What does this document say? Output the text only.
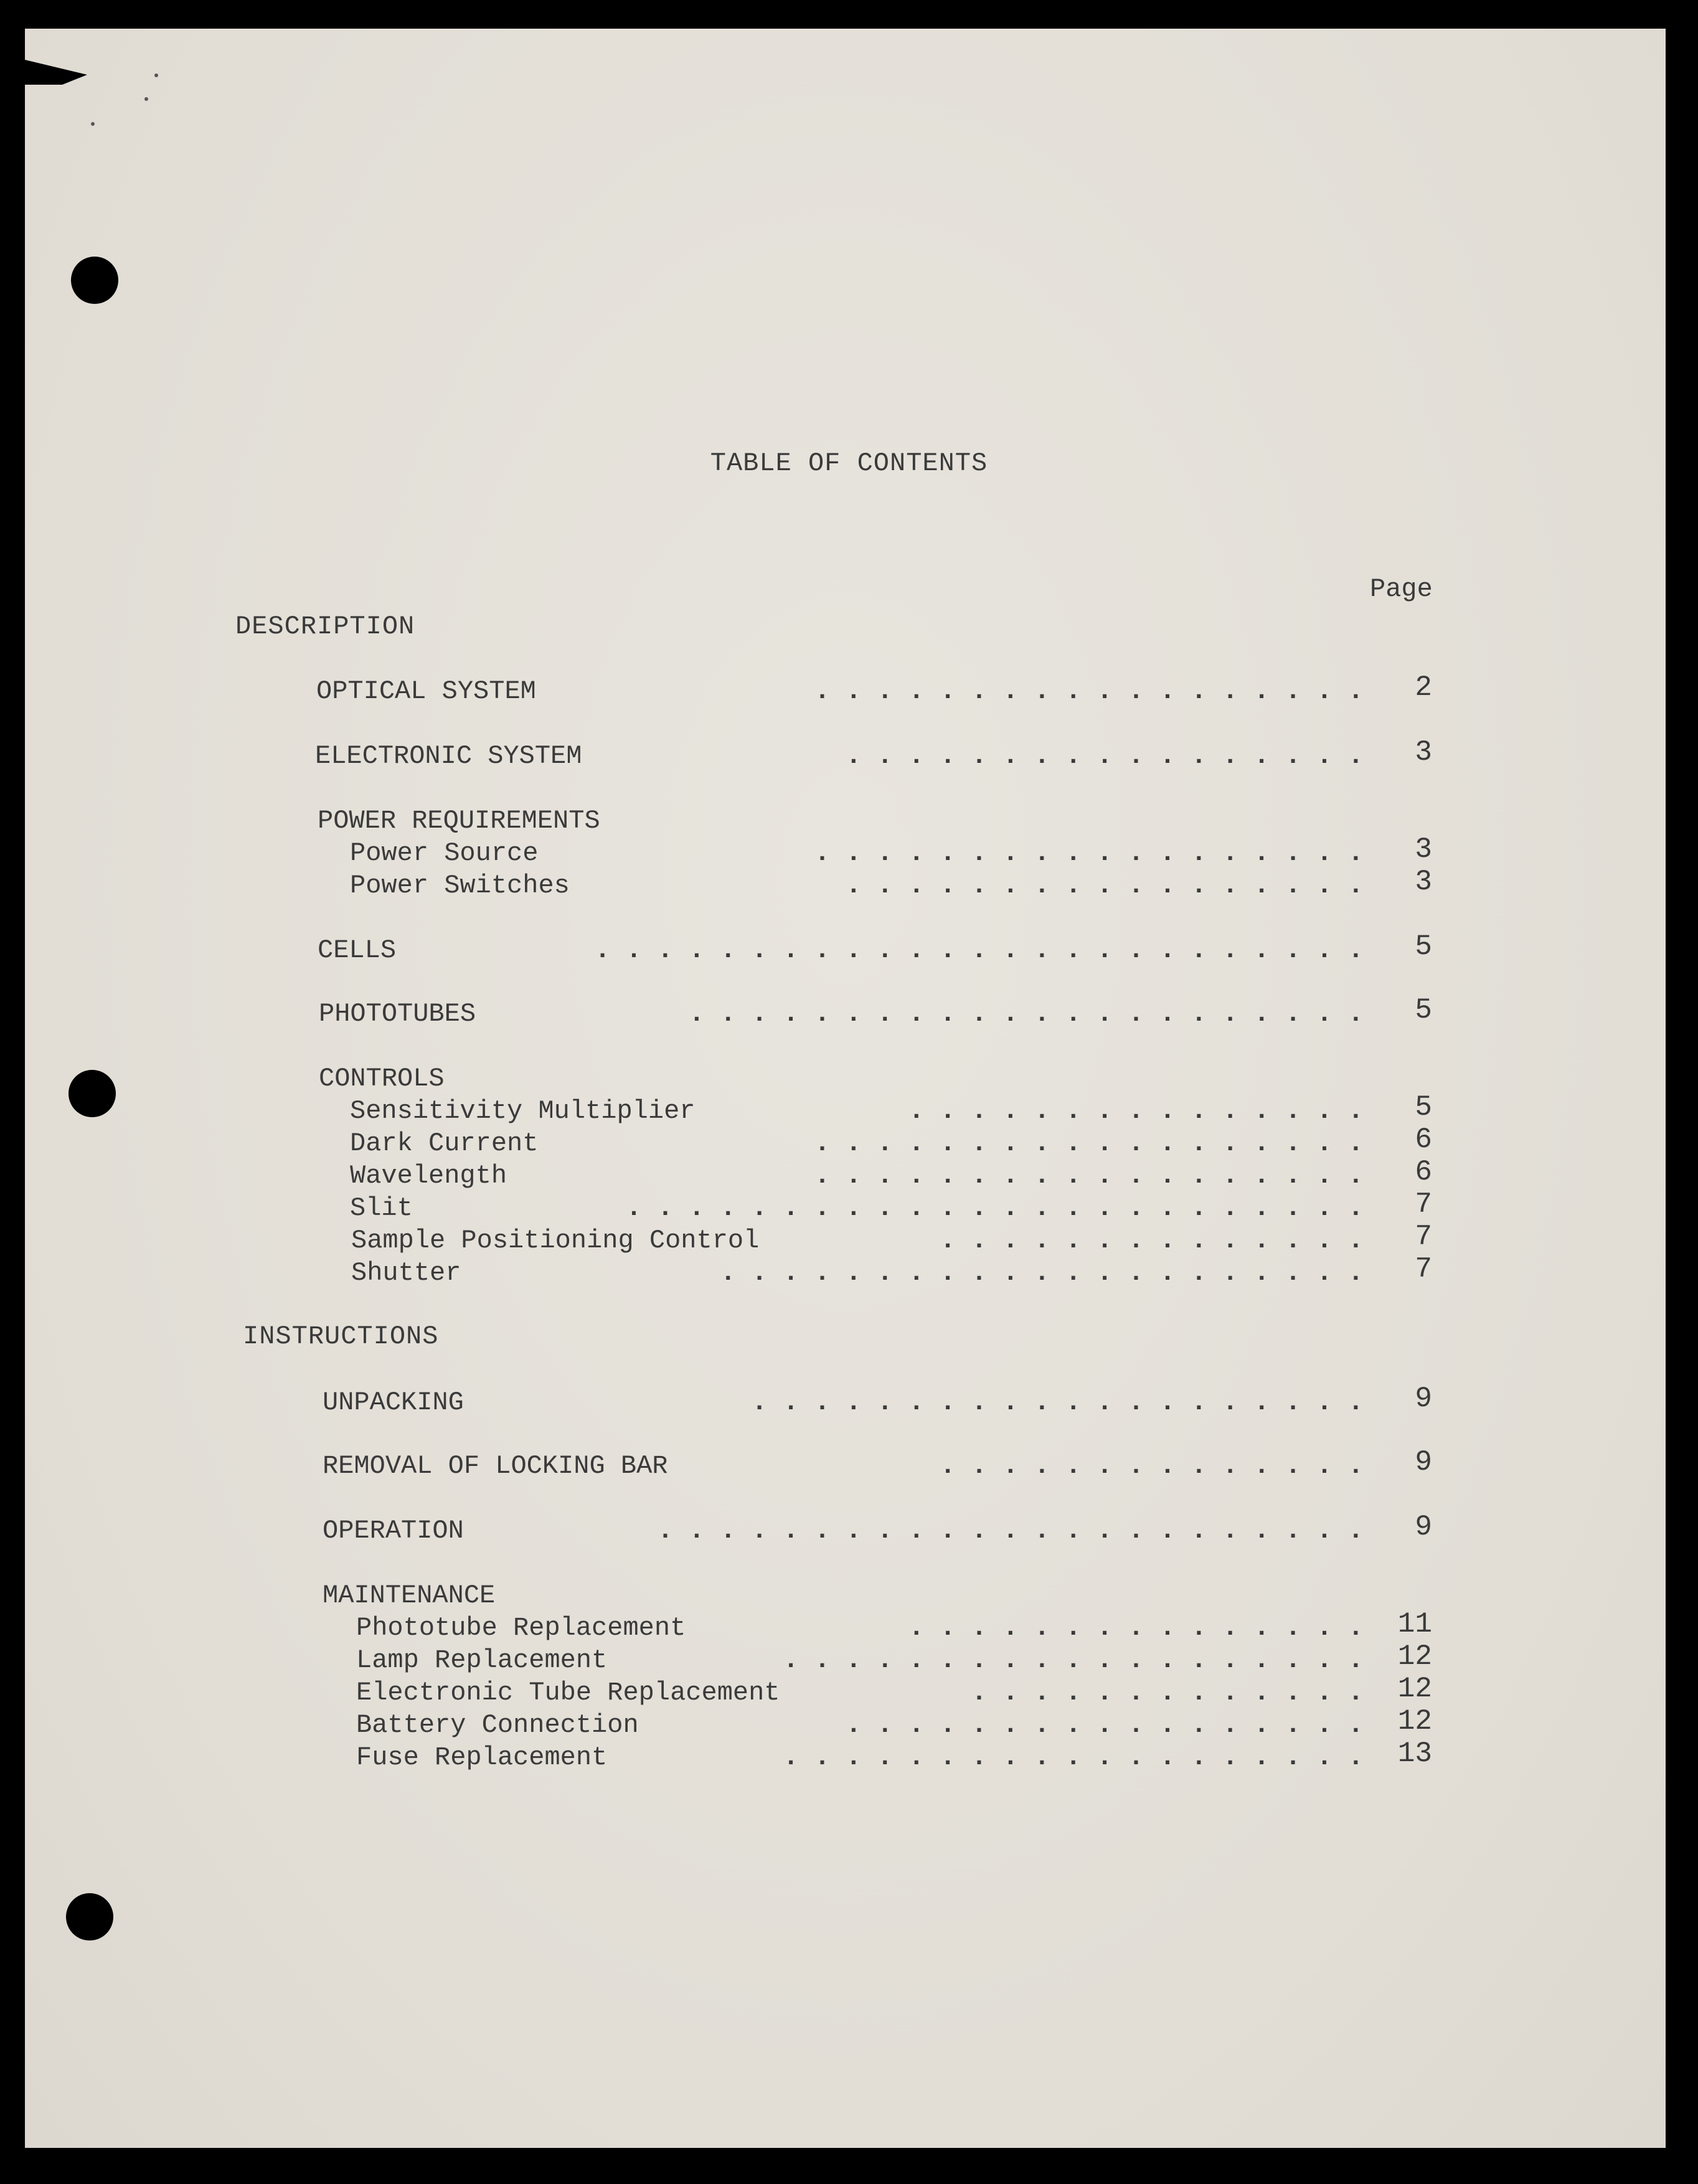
TABLE OF CONTENTS
Page
DESCRIPTION
OPTICAL SYSTEM	. . . . . . . . . . . . . . . . . .	2
ELECTRONIC SYSTEM	. . . . . . . . . . . . . . . . .	3
POWER REQUIREMENTS
Power Source	. . . . . . . . . . . . . . . . . .	3
Power Switches	. . . . . . . . . . . . . . . . .	3
CELLS	. . . . . . . . . . . . . . . . . . . . . . . . .	5
PHOTOTUBES	. . . . . . . . . . . . . . . . . . . . . .	5
CONTROLS
Sensitivity Multiplier	. . . . . . . . . . . . . . .	5
Dark Current	. . . . . . . . . . . . . . . . . .	6
Wavelength	. . . . . . . . . . . . . . . . . .	6
Slit	. . . . . . . . . . . . . . . . . . . . . . . .	7
Sample Positioning Control	. . . . . . . . . . . . . .	7
Shutter	. . . . . . . . . . . . . . . . . . . . .	7
INSTRUCTIONS
UNPACKING	. . . . . . . . . . . . . . . . . . . .	9
REMOVAL OF LOCKING BAR	. . . . . . . . . . . . . .	9
OPERATION	. . . . . . . . . . . . . . . . . . . . . . .	9
MAINTENANCE
Phototube Replacement	. . . . . . . . . . . . . . . 11
Lamp Replacement	. . . . . . . . . . . . . . . . . . . 12
Electronic Tube Replacement	. . . . . . . . . . . . . 12
Battery Connection	. . . . . . . . . . . . . . . . . 12
Fuse Replacement	. . . . . . . . . . . . . . . . . . . 13
